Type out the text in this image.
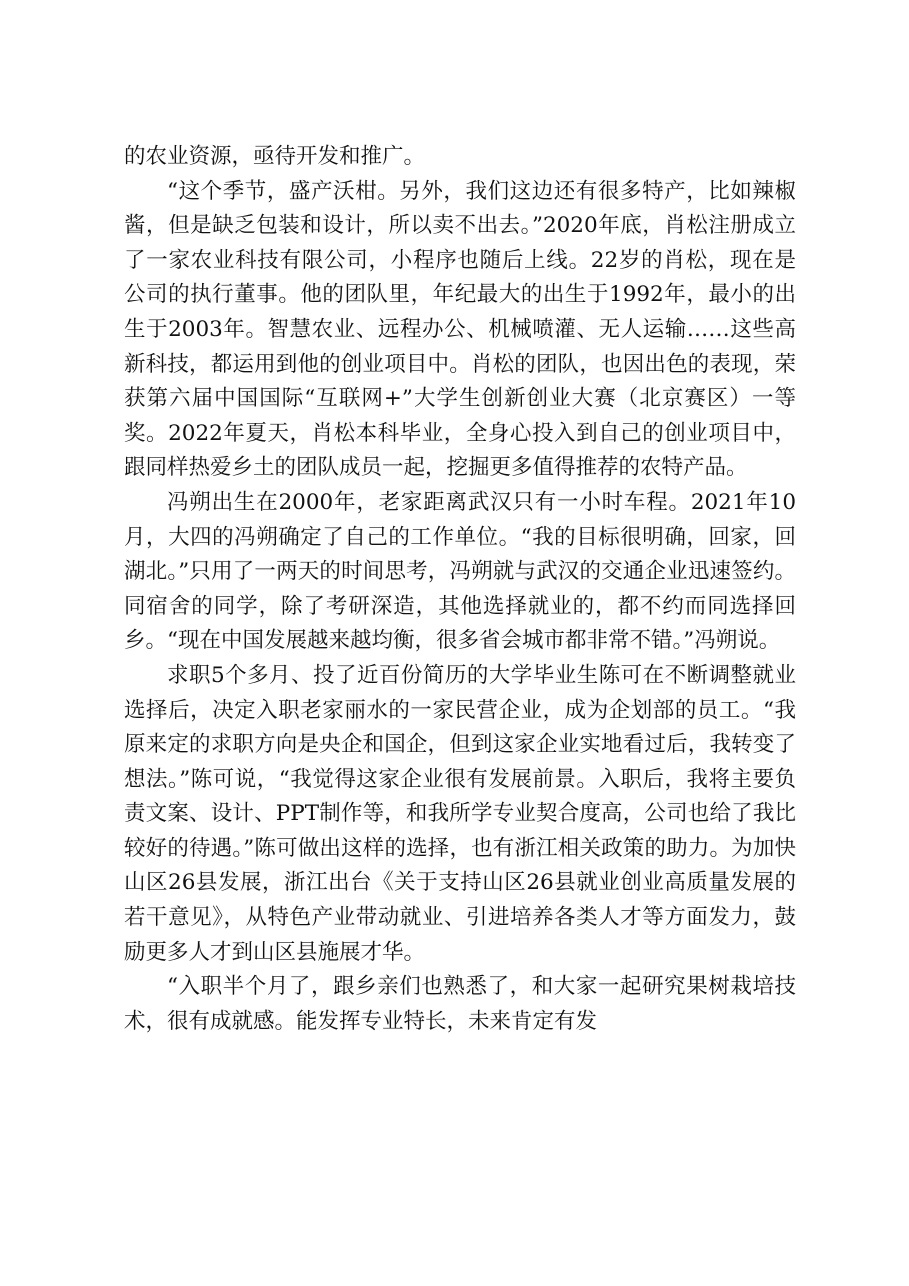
的农业资源，亟待开发和推广。

“这个季节，盛产沃柑。另外，我们这边还有很多特产，比如辣椒酱，但是缺乏包装和设计，所以卖不出去。”2020年底，肖松注册成立了一家农业科技有限公司，小程序也随后上线。22岁的肖松，现在是公司的执行董事。他的团队里，年纪最大的出生于1992年，最小的出生于2003年。智慧农业、远程办公、机械喷灌、无人运输……这些高新科技，都运用到他的创业项目中。肖松的团队，也因出色的表现，荣获第六届中国国际“互联网+”大学生创新创业大赛（北京赛区）一等奖。2022年夏天，肖松本科毕业，全身心投入到自己的创业项目中，跟同样热爱乡土的团队成员一起，挖掘更多值得推荐的农特产品。

冯朔出生在2000年，老家距离武汉只有一小时车程。2021年10月，大四的冯朔确定了自己的工作单位。“我的目标很明确，回家，回湖北。”只用了一两天的时间思考，冯朔就与武汉的交通企业迅速签约。同宿舍的同学，除了考研深造，其他选择就业的，都不约而同选择回乡。“现在中国发展越来越均衡，很多省会城市都非常不错。”冯朔说。

求职5个多月、投了近百份简历的大学毕业生陈可在不断调整就业选择后，决定入职老家丽水的一家民营企业，成为企划部的员工。“我原来定的求职方向是央企和国企，但到这家企业实地看过后，我转变了想法。”陈可说，“我觉得这家企业很有发展前景。入职后，我将主要负责文案、设计、PPT制作等，和我所学专业契合度高，公司也给了我比较好的待遇。”陈可做出这样的选择，也有浙江相关政策的助力。为加快山区26县发展，浙江出台《关于支持山区26县就业创业高质量发展的若干意见》，从特色产业带动就业、引进培养各类人才等方面发力，鼓励更多人才到山区县施展才华。

“入职半个月了，跟乡亲们也熟悉了，和大家一起研究果树栽培技术，很有成就感。能发挥专业特长，未来肯定有发
